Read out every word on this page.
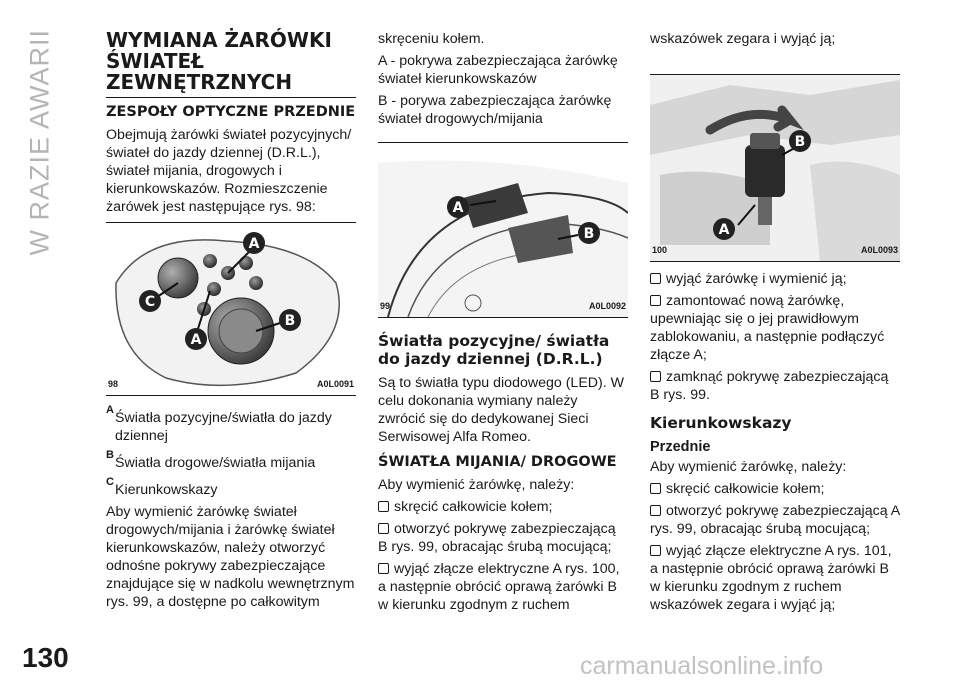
W RAZIE AWARII	WYMIANA ŻARÓWKI ŚWIATEŁ ZEWNĘTRZNYCH
ZESPOŁY OPTYCZNE PRZEDNIE

Obejmują żarówki świateł pozycyjnych/świateł do jazdy dziennej (D.R.L.), świateł mijania, drogowych i kierunkowskazów. Rozmieszczenie żarówek jest następujące rys. 98:

A
C
A
B
98	A0L0091
A Światła pozycyjne/światła do jazdy dziennej
B Światła drogowe/światła mijania
C Kierunkowskazy

Aby wymienić żarówkę świateł drogowych/mijania i żarówkę świateł kierunkowskazów, należy otworzyć odnośne pokrywy zabezpieczające znajdujące się w nadkolu wewnętrznym rys. 99, a dostępne po całkowitym

skręceniu kołem.

A - pokrywa zabezpieczająca żarówkę świateł kierunkowskazów

B - porywa zabezpieczająca żarówkę świateł drogowych/mijania

A
B
99	A0L0092
Światła pozycyjne/ światła do jazdy dziennej (D.R.L.)

Są to światła typu diodowego (LED). W celu dokonania wymiany należy zwrócić się do dedykowanej Sieci Serwisowej Alfa Romeo.

ŚWIATŁA MIJANIA/ DROGOWE

Aby wymienić żarówkę, należy:

skręcić całkowicie kołem;

otworzyć pokrywę zabezpieczającą B rys. 99, obracając śrubą mocującą;

wyjąć złącze elektryczne A rys. 100, a następnie obrócić oprawą żarówki B w kierunku zgodnym z ruchem

wskazówek zegara i wyjąć ją;

B
A
100	A0L0093

wyjąć żarówkę i wymienić ją;

zamontować nową żarówkę, upewniając się o jej prawidłowym zablokowaniu, a następnie podłączyć złącze A;

zamknąć pokrywę zabezpieczającą B rys. 99.

Kierunkowskazy
Przednie

Aby wymienić żarówkę, należy:

skręcić całkowicie kołem;

otworzyć pokrywę zabezpieczającą A rys. 99, obracając śrubą mocującą;

wyjąć złącze elektryczne A rys. 101, a następnie obrócić oprawą żarówki B w kierunku zgodnym z ruchem wskazówek zegara i wyjąć ją;

130	carmanualsonline.info
